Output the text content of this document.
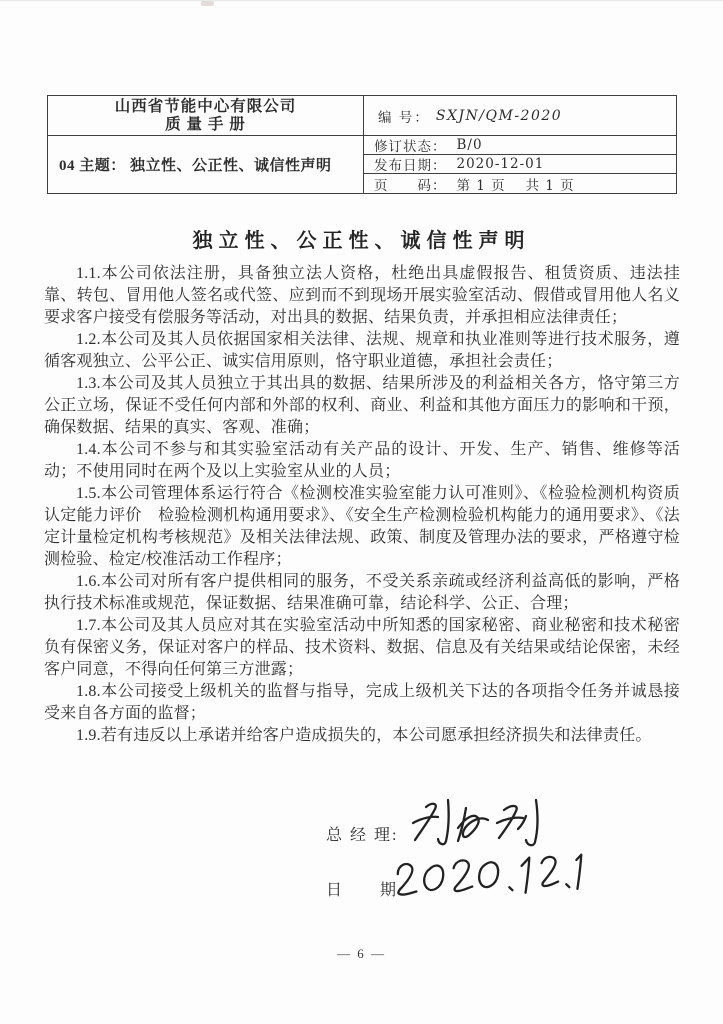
山西省节能中心有限公司
质 量 手 册	编 号： SXJN/QM-2020
04 主题：
独立性、公正性、诚信性声明
修订状态： B/0
发布日期： 2020-12-01
页　　码： 第 1 页　 共 1 页
独立性、公正性、诚信性声明

1.1.本公司依法注册，具备独立法人资格，杜绝出具虚假报告、租赁资质、违法挂靠、转包、冒用他人签名或代签、应到而不到现场开展实验室活动、假借或冒用他人名义要求客户接受有偿服务等活动，对出具的数据、结果负责，并承担相应法律责任；

1.2.本公司及其人员依据国家相关法律、法规、规章和执业准则等进行技术服务，遵循客观独立、公平公正、诚实信用原则，恪守职业道德，承担社会责任；

1.3.本公司及其人员独立于其出具的数据、结果所涉及的利益相关各方，恪守第三方公正立场，保证不受任何内部和外部的权利、商业、利益和其他方面压力的影响和干预，确保数据、结果的真实、客观、准确；

1.4.本公司不参与和其实验室活动有关产品的设计、开发、生产、销售、维修等活动；不使用同时在两个及以上实验室从业的人员；

1.5.本公司管理体系运行符合《检测校准实验室能力认可准则》、《检验检测机构资质认定能力评价　检验检测机构通用要求》、《安全生产检测检验机构能力的通用要求》、《法定计量检定机构考核规范》及相关法律法规、政策、制度及管理办法的要求，严格遵守检测检验、检定/校准活动工作程序；

1.6.本公司对所有客户提供相同的服务，不受关系亲疏或经济利益高低的影响，严格执行技术标准或规范，保证数据、结果准确可靠，结论科学、公正、合理；

1.7.本公司及其人员应对其在实验室活动中所知悉的国家秘密、商业秘密和技术秘密负有保密义务，保证对客户的样品、技术资料、数据、信息及有关结果或结论保密，未经客户同意，不得向任何第三方泄露；

1.8.本公司接受上级机关的监督与指导，完成上级机关下达的各项指令任务并诚恳接受来自各方面的监督；

1.9.若有违反以上承诺并给客户造成损失的，本公司愿承担经济损失和法律责任。

总 经 理:
日　　期:
— 6 —
